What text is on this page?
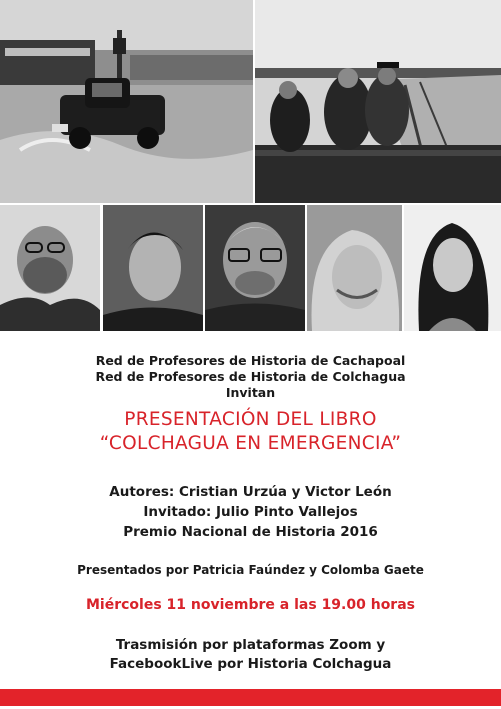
Red de Profesores de Historia de Cachapoal
Red de Profesores de Historia de Colchagua
Invitan
PRESENTACIÓN DEL LIBRO
“COLCHAGUA EN EMERGENCIA”
Autores: Cristian Urzúa y Victor León
Invitado: Julio Pinto Vallejos
Premio Nacional de Historia 2016
Presentados por Patricia Faúndez y Colomba Gaete
Miércoles 11 noviembre a las 19.00 horas
Trasmisión por plataformas Zoom y
FacebookLive por Historia Colchagua
